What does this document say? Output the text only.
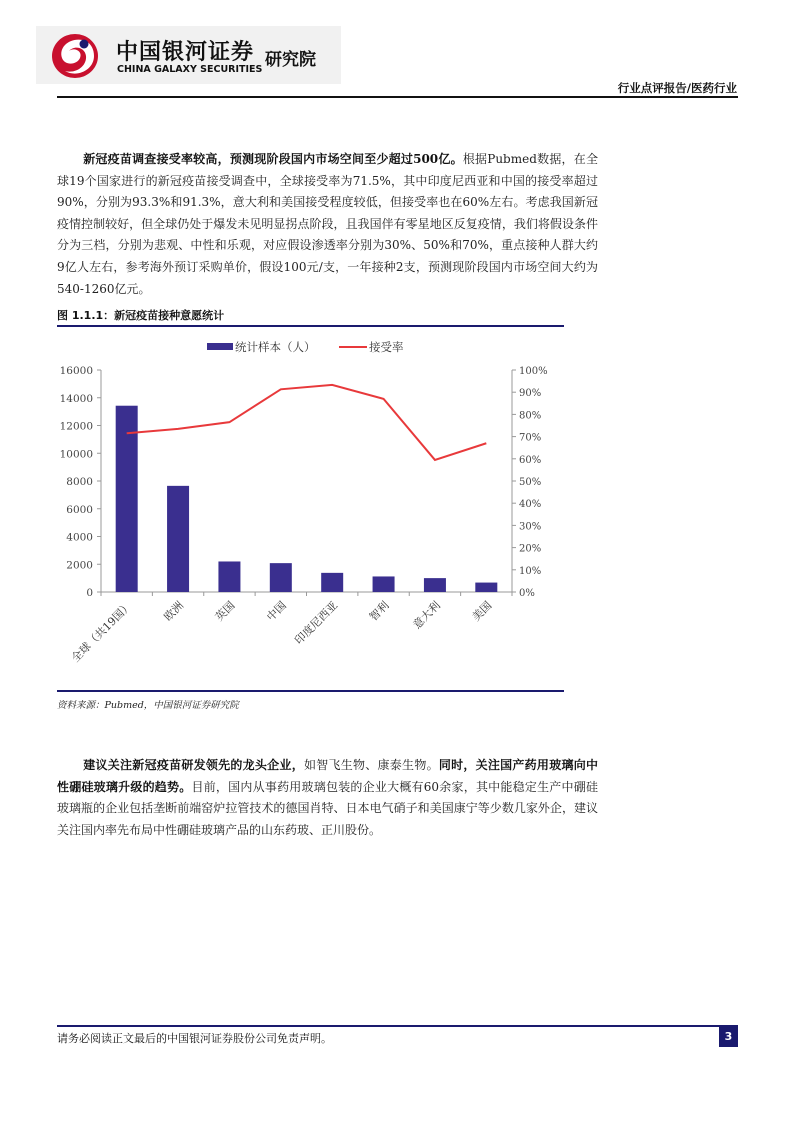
中国银河证券
CHINA GALAXY SECURITIES 研究院
行业点评报告/医药行业

新冠疫苗调查接受率较高，预测现阶段国内市场空间至少超过500亿。根据Pubmed数据，在全球19个国家进行的新冠疫苗接受调查中，全球接受率为71.5%，其中印度尼西亚和中国的接受率超过90%，分别为93.3%和91.3%，意大利和美国接受程度较低，但接受率也在60%左右。考虑我国新冠疫情控制较好，但全球仍处于爆发未见明显拐点阶段，且我国伴有零星地区反复疫情，我们将假设条件分为三档，分别为悲观、中性和乐观，对应假设渗透率分别为30%、50%和70%，重点接种人群大约9亿人左右，参考海外预订采购单价，假设100元/支，一年接种2支，预测现阶段国内市场空间大约为540-1260亿元。

图 1.1.1：新冠疫苗接种意愿统计
统计样本（人）	接受率
0
2000
4000
6000
8000
10000
12000
14000
16000
0%
10%
20%
30%
40%
50%
60%
70%
80%
90%
100%
全球（共19国） 欧洲 英国 中国 印度尼西亚 智利 意大利 美国
资料来源：Pubmed，中国银河证券研究院

建议关注新冠疫苗研发领先的龙头企业，如智飞生物、康泰生物。同时，关注国产药用玻璃向中性硼硅玻璃升级的趋势。目前，国内从事药用玻璃包装的企业大概有60余家，其中能稳定生产中硼硅玻璃瓶的企业包括垄断前端窑炉拉管技术的德国肖特、日本电气硝子和美国康宁等少数几家外企，建议关注国内率先布局中性硼硅玻璃产品的山东药玻、正川股份。

请务必阅读正文最后的中国银河证券股份公司免责声明。	3
